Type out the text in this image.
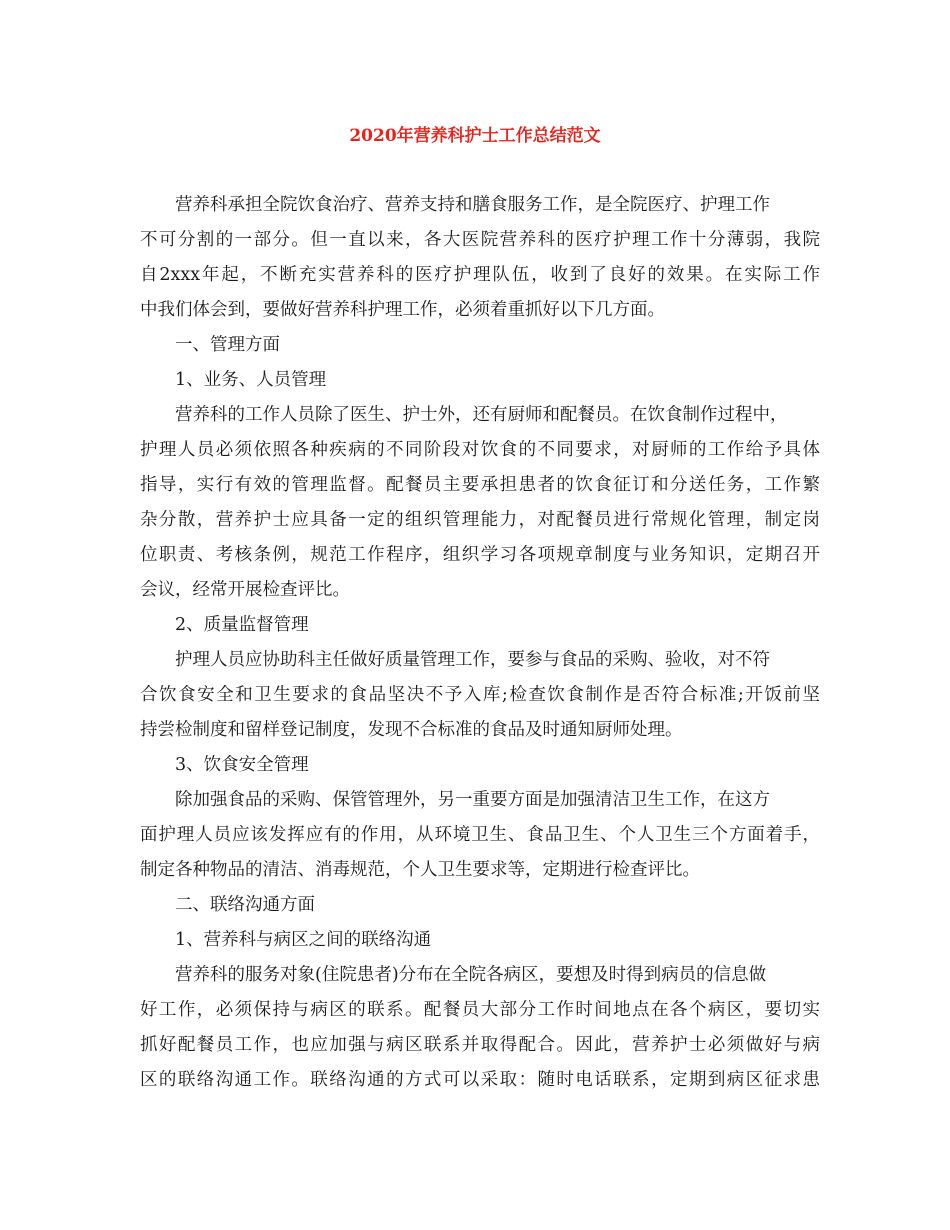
2020年营养科护士工作总结范文
营养科承担全院饮食治疗、营养支持和膳食服务工作，是全院医疗、护理工作
不可分割的一部分。但一直以来，各大医院营养科的医疗护理工作十分薄弱，我院
自2xxx年起，不断充实营养科的医疗护理队伍，收到了良好的效果。在实际工作
中我们体会到，要做好营养科护理工作，必须着重抓好以下几方面。
一、管理方面
1、业务、人员管理
营养科的工作人员除了医生、护士外，还有厨师和配餐员。在饮食制作过程中，
护理人员必须依照各种疾病的不同阶段对饮食的不同要求，对厨师的工作给予具体
指导，实行有效的管理监督。配餐员主要承担患者的饮食征订和分送任务，工作繁
杂分散，营养护士应具备一定的组织管理能力，对配餐员进行常规化管理，制定岗
位职责、考核条例，规范工作程序，组织学习各项规章制度与业务知识，定期召开
会议，经常开展检查评比。
2、质量监督管理
护理人员应协助科主任做好质量管理工作，要参与食品的采购、验收，对不符
合饮食安全和卫生要求的食品坚决不予入库;检查饮食制作是否符合标准;开饭前坚
持尝检制度和留样登记制度，发现不合标准的食品及时通知厨师处理。
3、饮食安全管理
除加强食品的采购、保管管理外，另一重要方面是加强清洁卫生工作，在这方
面护理人员应该发挥应有的作用，从环境卫生、食品卫生、个人卫生三个方面着手，
制定各种物品的清洁、消毒规范，个人卫生要求等，定期进行检查评比。
二、联络沟通方面
1、营养科与病区之间的联络沟通
营养科的服务对象(住院患者)分布在全院各病区，要想及时得到病员的信息做
好工作，必须保持与病区的联系。配餐员大部分工作时间地点在各个病区，要切实
抓好配餐员工作，也应加强与病区联系并取得配合。因此，营养护士必须做好与病
区的联络沟通工作。联络沟通的方式可以采取：随时电话联系，定期到病区征求患
